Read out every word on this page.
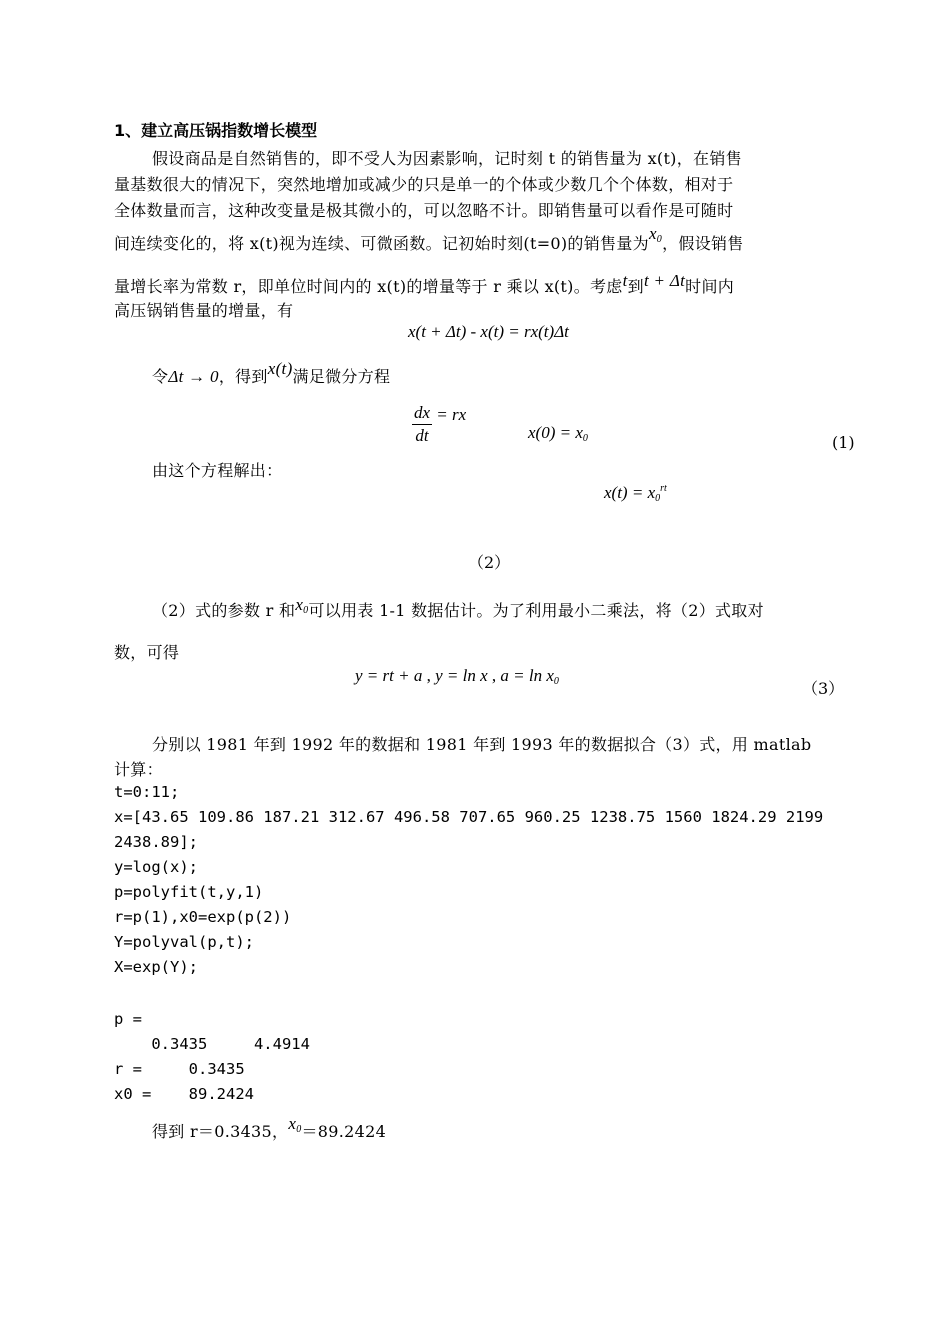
1、建立高压锅指数增长模型
假设商品是自然销售的，即不受人为因素影响，记时刻 t 的销售量为 x(t)，在销售
量基数很大的情况下，突然地增加或减少的只是单一的个体或少数几个个体数，相对于
全体数量而言，这种改变量是极其微小的，可以忽略不计。即销售量可以看作是可随时
间连续变化的，将 x(t)视为连续、可微函数。记初始时刻(t=0)的销售量为$x_0$，假设销售
量增长率为常数 r，即单位时间内的 x(t)的增量等于 r 乘以 x(t)。考虑t到t + Δt时间内
高压锅销售量的增量，有
x(t + Δt) - x(t) = rx(t)Δt
令Δt → 0，得到x(t)满足微分方程
$\frac{dx}{dt}$ = rx
$x(0) = x_0$	(1)
由这个方程解出：
$x(t) = x_0^{rt}$
（2）
（2）式的参数 r 和$x_0$可以用表 1-1 数据估计。为了利用最小二乘法，将（2）式取对
数，可得
y = rt + a , y = ln x , $a = \ln x_0$	（3）
分别以 1981 年到 1992 年的数据和 1981 年到 1993 年的数据拟合（3）式，用 matlab
计算：
t=0:11;
x=[43.65 109.86 187.21 312.67 496.58 707.65 960.25 1238.75 1560 1824.29 2199
2438.89];
y=log(x);
p=polyfit(t,y,1)
r=p(1),x0=exp(p(2))
Y=polyval(p,t);
X=exp(Y);
p =
0.3435     4.4914
r =     0.3435
x0 =    89.2424
得到 r＝0.3435，$x_0=89.2424$
